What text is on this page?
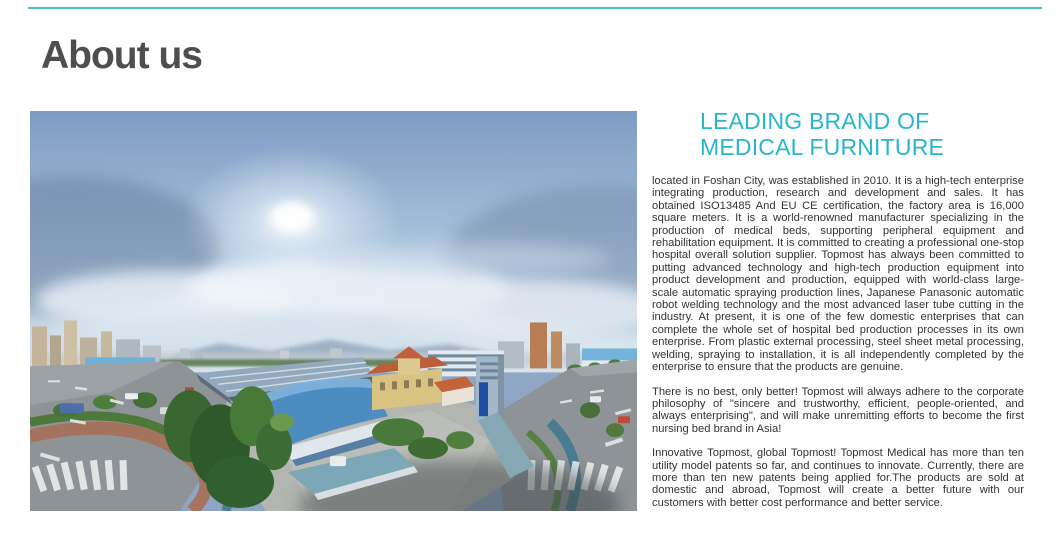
About us
LEADING BRAND OF
MEDICAL FURNITURE

located in Foshan City, was established in 2010. It is a high-tech enterprise integrating production, research and development and sales. It has obtained ISO13485 And EU CE certification, the factory area is 16,000 square meters. It is a world-renowned manufacturer specializing in the production of medical beds, supporting peripheral equipment and rehabilitation equipment. It is committed to creating a professional one-stop hospital overall solution supplier. Topmost has always been committed to putting advanced technology and high-tech production equipment into product development and production, equipped with world-class large-scale automatic spraying production lines, Japanese Panasonic automatic robot welding technology and the most advanced laser tube cutting in the industry. At present, it is one of the few domestic enterprises that can complete the whole set of hospital bed production processes in its own enterprise. From plastic external processing, steel sheet metal processing, welding, spraying to installation, it is all independently completed by the enterprise to ensure that the products are genuine.

There is no best, only better! Topmost will always adhere to the corporate philosophy of "sincere and trustworthy, efficient, people-oriented, and always enterprising", and will make unremitting efforts to become the first nursing bed brand in Asia!

Innovative Topmost, global Topmost! Topmost Medical has more than ten utility model patents so far, and continues to innovate. Currently, there are more than ten new patents being applied for.The products are sold at domestic and abroad, Topmost will create a better future with our customers with better cost performance and better service.
